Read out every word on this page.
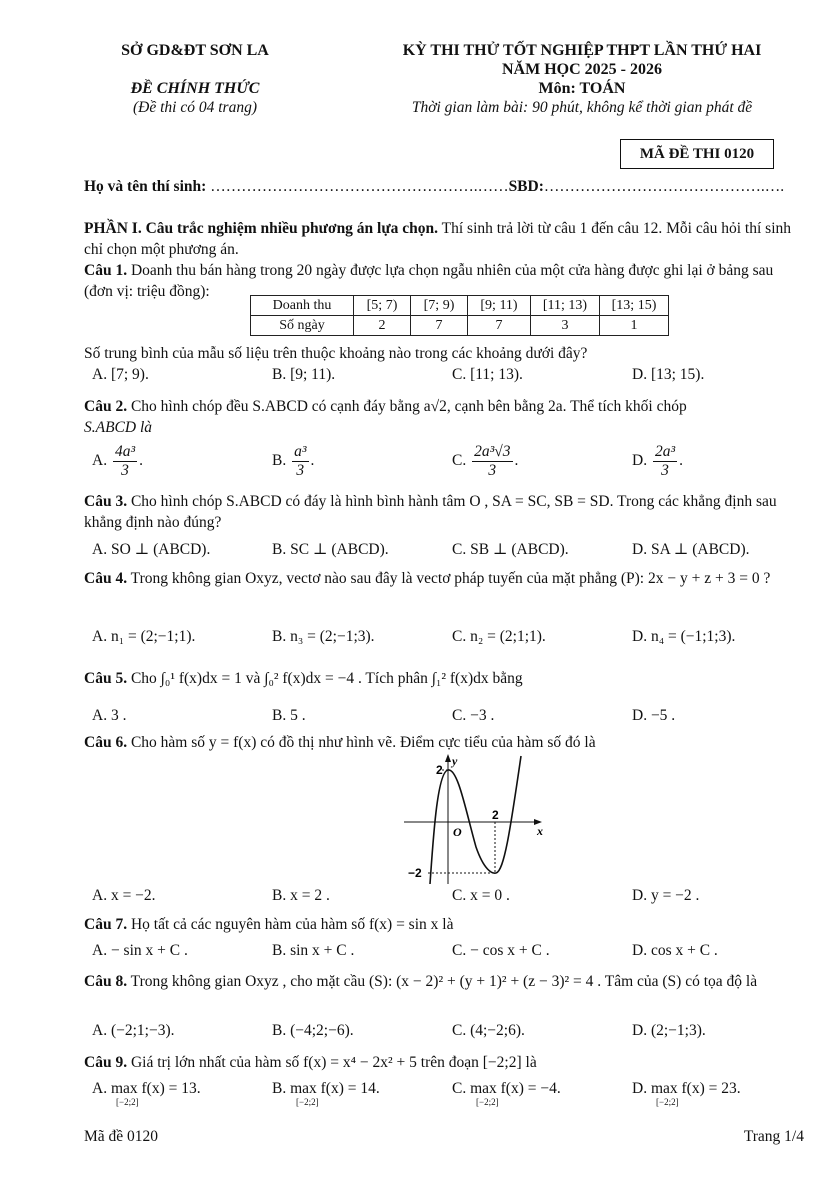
SỞ GD&ĐT SƠN LA
ĐỀ CHÍNH THỨC
(Đề thi có 04 trang)
KỲ THI THỬ TỐT NGHIỆP THPT LẦN THỨ HAI
NĂM HỌC 2025 - 2026
Môn: TOÁN
Thời gian làm bài: 90 phút, không kể thời gian phát đề
MÃ ĐỀ THI 0120
Họ và tên thí sinh: …………………………………………….……SBD:…………………………………….….
PHẦN I. Câu trắc nghiệm nhiều phương án lựa chọn. Thí sinh trả lời từ câu 1 đến câu 12. Mỗi câu hỏi thí sinh chỉ chọn một phương án.
Câu 1. Doanh thu bán hàng trong 20 ngày được lựa chọn ngẫu nhiên của một cửa hàng được ghi lại ở bảng sau (đơn vị: triệu đồng):
Doanh thu	[5; 7)	[7; 9)	[9; 11)	[11; 13)	[13; 15)
Số ngày	2	7	7	3	1
Số trung bình của mẫu số liệu trên thuộc khoảng nào trong các khoảng dưới đây?
A. [7; 9).	B. [9; 11).	C. [11; 13).	D. [13; 15).
Câu 2. Cho hình chóp đều S.ABCD có cạnh đáy bằng a√2, cạnh bên bằng 2a. Thể tích khối chóp
S.ABCD là
A. $\frac{\text{4a³}}{3}$ .	B. $\frac{\text{a³}}{3}$ .	C. $\frac{\text{2a³√3}}{3}$ .	D. $\frac{\text{2a³}}{3}$ .
Câu 3. Cho hình chóp S.ABCD có đáy là hình bình hành tâm O , SA = SC, SB = SD. Trong các khẳng định sau khẳng định nào đúng?
A. SO ⊥ (ABCD).	B. SC ⊥ (ABCD).	C. SB ⊥ (ABCD).	D. SA ⊥ (ABCD).
Câu 4. Trong không gian Oxyz, vectơ nào sau đây là vectơ pháp tuyến của mặt phẳng (P): 2x − y + z + 3 = 0 ?
A. n₁ = (2;−1;1).	B. n₃ = (2;−1;3).	C. n₂ = (2;1;1).	D. n₄ = (−1;1;3).
Câu 5. Cho ∫₀¹ f(x)dx = 1 và ∫₀² f(x)dx = −4 . Tích phân ∫₁² f(x)dx bằng
A. 3 .	B. 5 .	C. −3 .	D. −5 .
Câu 6. Cho hàm số y = f(x) có đồ thị như hình vẽ. Điểm cực tiểu của hàm số đó là
2
y
O
2
x
−2
A. x = −2.	B. x = 2 .	C. x = 0 .	D. y = −2 .
Câu 7. Họ tất cả các nguyên hàm của hàm số f(x) = sin x là
A. − sin x + C .	B. sin x + C .	C. − cos x + C .	D. cos x + C .
Câu 8. Trong không gian Oxyz , cho mặt cầu (S): (x − 2)² + (y + 1)² + (z − 3)² = 4 . Tâm của (S) có tọa độ là
A. (−2;1;−3).	B. (−4;2;−6).	C. (4;−2;6).	D. (2;−1;3).
Câu 9. Giá trị lớn nhất của hàm số f(x) = x⁴ − 2x² + 5 trên đoạn [−2;2] là
A. max f(x) = 13.
[−2;2]
B. max f(x) = 14.
[−2;2]
C. max f(x) = −4.
[−2;2]
D. max f(x) = 23.
[−2;2]
Mã đề 0120	Trang 1/4
